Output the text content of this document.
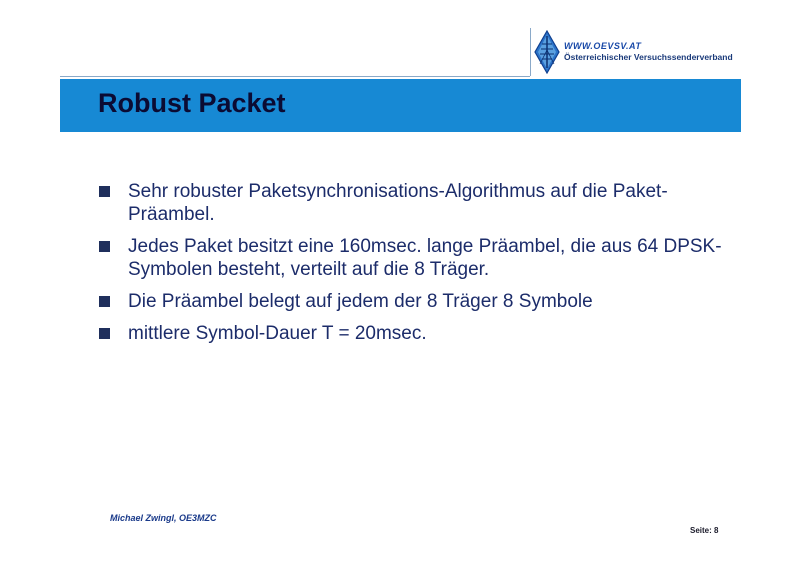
WWW.OEVSV.AT
Österreichischer Versuchssenderverband
Robust Packet
Sehr robuster Paketsynchronisations-Algorithmus auf die Paket-Präambel.
Jedes Paket besitzt eine 160msec. lange Präambel, die aus 64 DPSK-Symbolen besteht, verteilt auf die 8 Träger.
Die Präambel belegt auf jedem der 8 Träger 8 Symbole
mittlere Symbol-Dauer T = 20msec.
Michael Zwingl, OE3MZC
Seite: 8
